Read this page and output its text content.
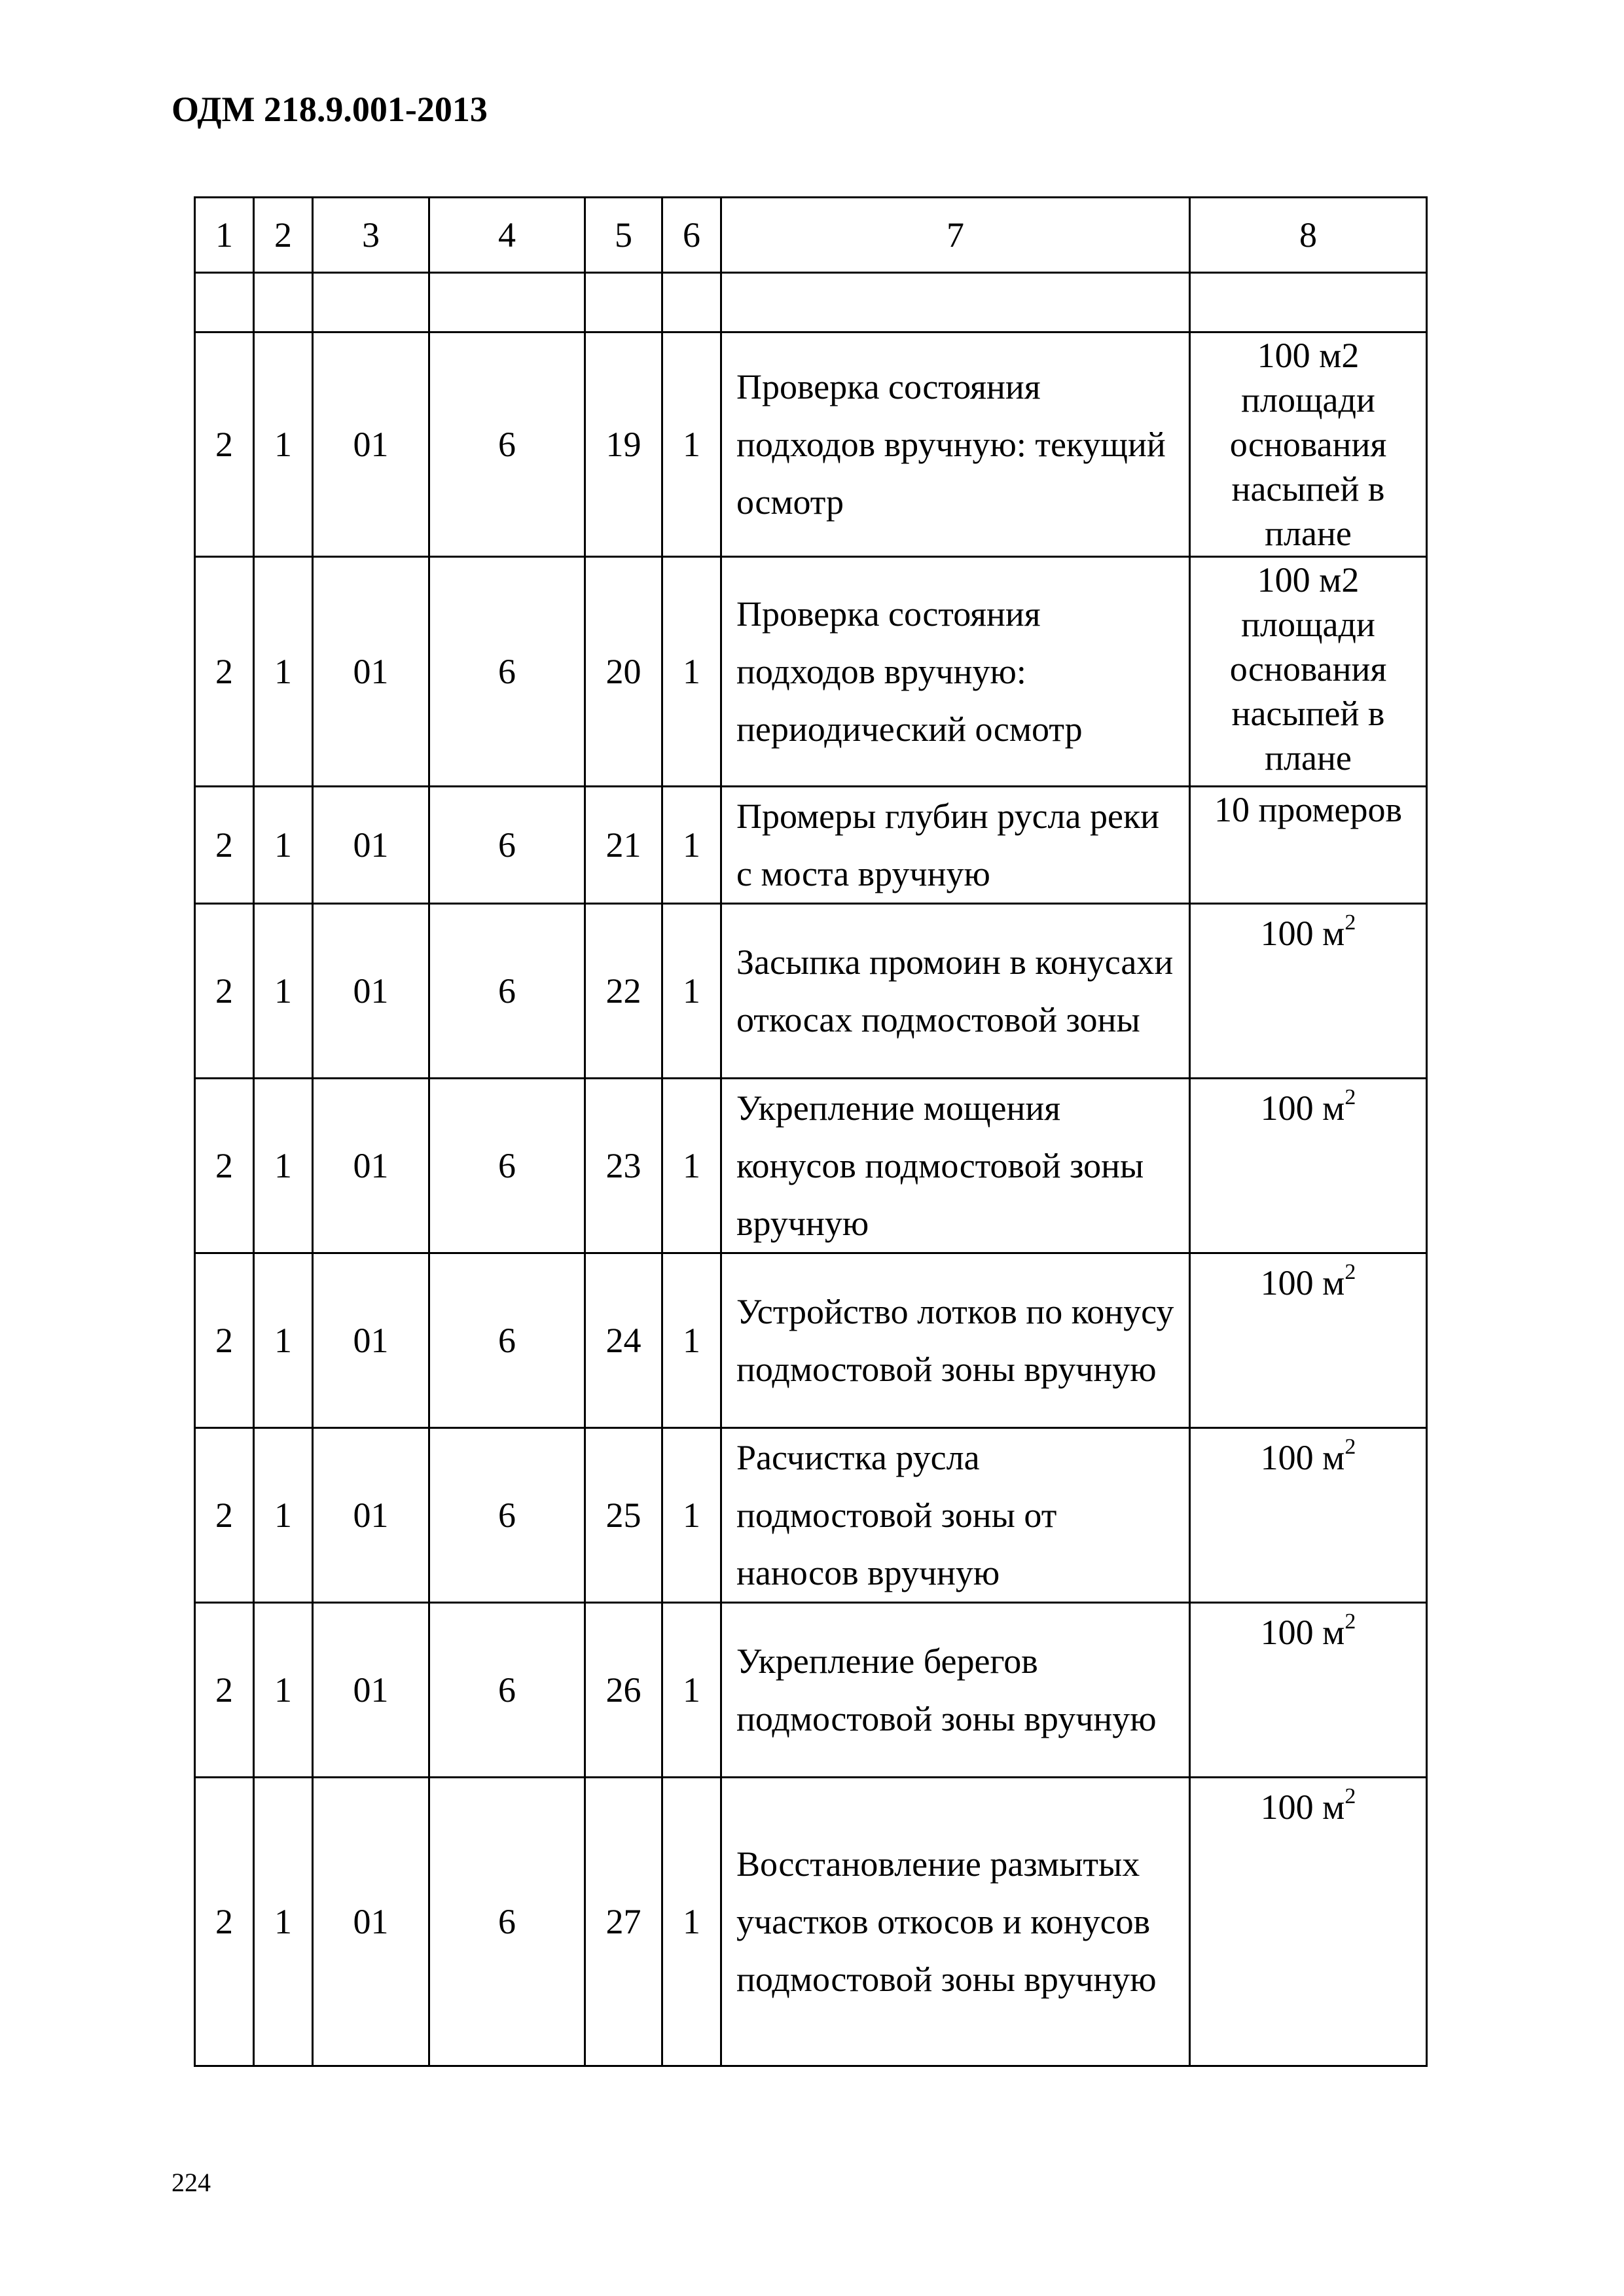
ОДМ 218.9.001-2013
1	2	3	4	5	6	7	8

2	1	01	6	19	1	Проверка состояния подходов вручную: текущий осмотр	100 м2 площади основания насыпей в плане

2	1	01	6	20	1	Проверка состояния подходов вручную: периодический осмотр	100 м2 площади основания насыпей в плане

2	1	01	6	21	1	Промеры глубин русла реки с моста вручную	10 промеров

2	1	01	6	22	1	Засыпка промоин в конусахи откосах подмостовой зоны	100 $м^2$
2	1	01	6	23	1	Укрепление мощения конусов подмостовой зоны вручную	100 $м^2$
2	1	01	6	24	1	Устройство лотков по конусу подмостовой зоны вручную	100 $м^2$
2	1	01	6	25	1	Расчистка русла подмостовой зоны от наносов вручную	100 $м^2$
2	1	01	6	26	1	Укрепление берегов подмостовой зоны вручную	100 $м^2$
2	1	01	6	27	1	Восстановление размытых участков откосов и конусов подмостовой зоны вручную	100 $м^2$
224
